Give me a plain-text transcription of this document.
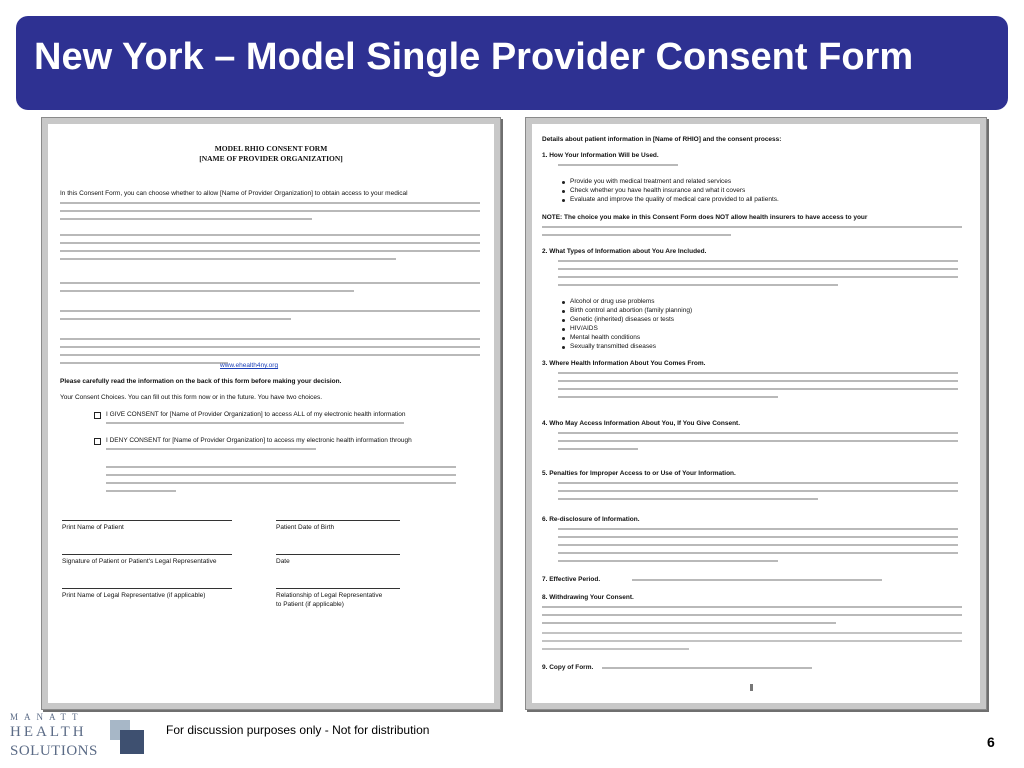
New York – Model Single Provider Consent Form
MODEL RHIO CONSENT FORM
[NAME OF PROVIDER ORGANIZATION]
In this Consent Form, you can choose whether to allow [Name of Provider Organization] to obtain access to your medical
www.ehealth4ny.org
Please carefully read the information on the back of this form before making your decision.
Your Consent Choices. You can fill out this form now or in the future. You have two choices.
I GIVE CONSENT for [Name of Provider Organization] to access ALL of my electronic health information
I DENY CONSENT for [Name of Provider Organization] to access my electronic health information through
Print Name of Patient	Patient Date of Birth
Signature of Patient or Patient's Legal Representative	Date
Print Name of Legal Representative (if applicable)	Relationship of Legal Representative
to Patient (if applicable)
Details about patient information in [Name of RHIO] and the consent process:
1. How Your Information Will be Used.
Provide you with medical treatment and related services
Check whether you have health insurance and what it covers
Evaluate and improve the quality of medical care provided to all patients.
NOTE: The choice you make in this Consent Form does NOT allow health insurers to have access to your
2. What Types of Information about You Are Included.
Alcohol or drug use problems
Birth control and abortion (family planning)
Genetic (inherited) diseases or tests
HIV/AIDS
Mental health conditions
Sexually transmitted diseases
3. Where Health Information About You Comes From.
4. Who May Access Information About You, If You Give Consent.
5. Penalties for Improper Access to or Use of Your Information.
6. Re-disclosure of Information.
7. Effective Period.
8. Withdrawing Your Consent.
9. Copy of Form.
MANATT
HEALTH
SOLUTIONS
For discussion purposes only - Not for distribution
6
